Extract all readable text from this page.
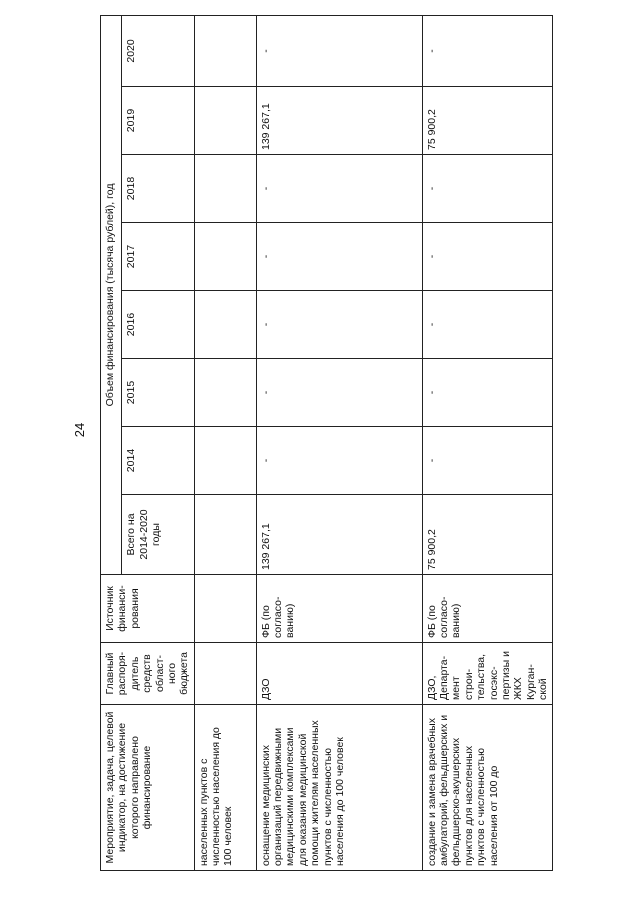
24
Мероприятие, задача, целевой индикатор, на достижение которого направлено финансирование	Главный распоря-дитель средств област-ного бюджета	Источник финанси-рования	Объем финансирования (тысяча рублей), год							
			Всего на 2014-2020 годы	2014	2015	2016	2017	2018	2019	2020
населенных пунктов с численностью населения до 100 человек										
оснащение медицинских организаций передвижными медицинскими комплексами для оказания медицинской помощи жителям населенных пунктов с численностью населения до 100 человек	ДЗО	ФБ (по согласо-ванию)	139 267,1	-	-	-	-	-	139 267,1	-
создание и замена врачебных амбулаторий, фельдшерских и фельдшерско-акушерских пунктов для населенных пунктов с численностью населения от 100 до	ДЗО, Департа-мент строи-тельства, госэкс-пертизы и ЖКХ Курган-ской	ФБ (по согласо-ванию)	75 900,2	-	-	-	-	-	75 900,2	-
